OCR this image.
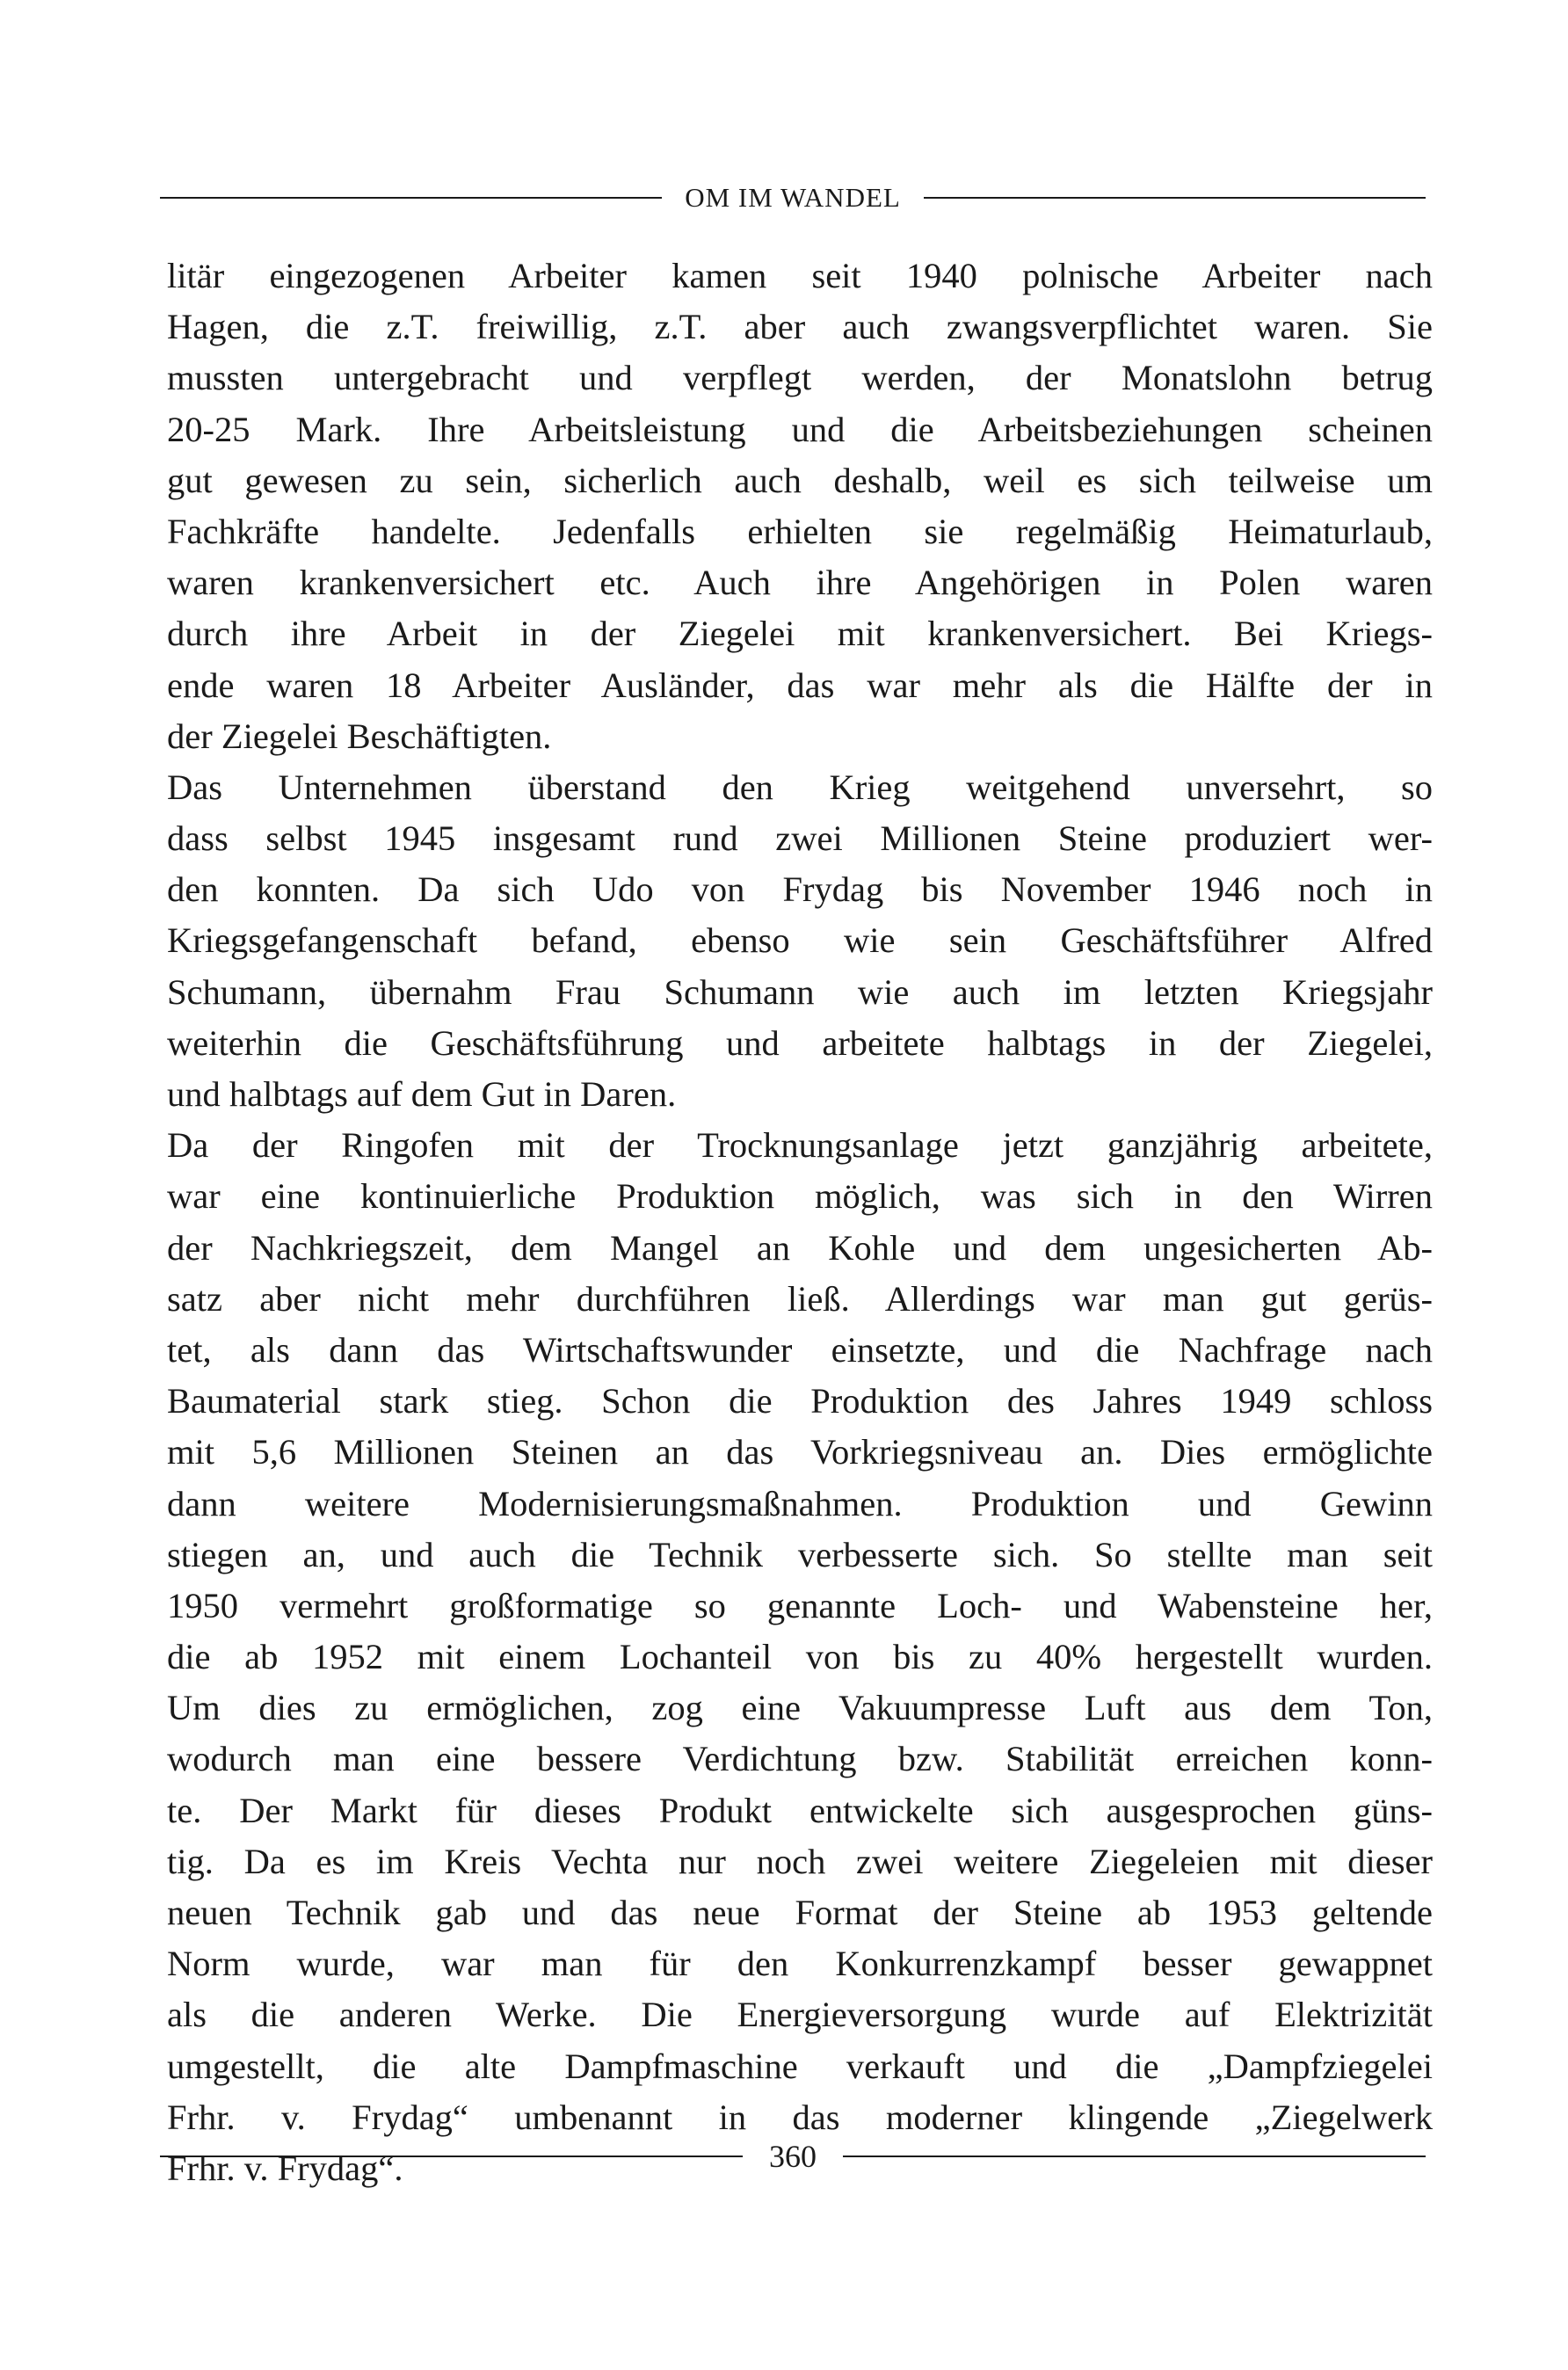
OM IM WANDEL
litär eingezogenen Arbeiter kamen seit 1940 polnische Arbeiter nach
Hagen, die z.T. freiwillig, z.T. aber auch zwangsverpflichtet waren. Sie
mussten untergebracht und verpflegt werden, der Monatslohn betrug
20-25 Mark. Ihre Arbeitsleistung und die Arbeitsbeziehungen scheinen
gut gewesen zu sein, sicherlich auch deshalb, weil es sich teilweise um
Fachkräfte handelte. Jedenfalls erhielten sie regelmäßig Heimaturlaub,
waren krankenversichert etc. Auch ihre Angehörigen in Polen waren
durch ihre Arbeit in der Ziegelei mit krankenversichert. Bei Kriegs-
ende waren 18 Arbeiter Ausländer, das war mehr als die Hälfte der in
der Ziegelei Beschäftigten.
Das Unternehmen überstand den Krieg weitgehend unversehrt, so
dass selbst 1945 insgesamt rund zwei Millionen Steine produziert wer-
den konnten. Da sich Udo von Frydag bis November 1946 noch in
Kriegsgefangenschaft befand, ebenso wie sein Geschäftsführer Alfred
Schumann, übernahm Frau Schumann wie auch im letzten Kriegsjahr
weiterhin die Geschäftsführung und arbeitete halbtags in der Ziegelei,
und halbtags auf dem Gut in Daren.
Da der Ringofen mit der Trocknungsanlage jetzt ganzjährig arbeitete,
war eine kontinuierliche Produktion möglich, was sich in den Wirren
der Nachkriegszeit, dem Mangel an Kohle und dem ungesicherten Ab-
satz aber nicht mehr durchführen ließ. Allerdings war man gut gerüs-
tet, als dann das Wirtschaftswunder einsetzte, und die Nachfrage nach
Baumaterial stark stieg. Schon die Produktion des Jahres 1949 schloss
mit 5,6 Millionen Steinen an das Vorkriegsniveau an. Dies ermöglichte
dann weitere Modernisierungsmaßnahmen. Produktion und Gewinn
stiegen an, und auch die Technik verbesserte sich. So stellte man seit
1950 vermehrt großformatige so genannte Loch- und Wabensteine her,
die ab 1952 mit einem Lochanteil von bis zu 40% hergestellt wurden.
Um dies zu ermöglichen, zog eine Vakuumpresse Luft aus dem Ton,
wodurch man eine bessere Verdichtung bzw. Stabilität erreichen konn-
te. Der Markt für dieses Produkt entwickelte sich ausgesprochen güns-
tig. Da es im Kreis Vechta nur noch zwei weitere Ziegeleien mit dieser
neuen Technik gab und das neue Format der Steine ab 1953 geltende
Norm wurde, war man für den Konkurrenzkampf besser gewappnet
als die anderen Werke. Die Energieversorgung wurde auf Elektrizität
umgestellt, die alte Dampfmaschine verkauft und die „Dampfziegelei
Frhr. v. Frydag“ umbenannt in das moderner klingende „Ziegelwerk
Frhr. v. Frydag“.	360
